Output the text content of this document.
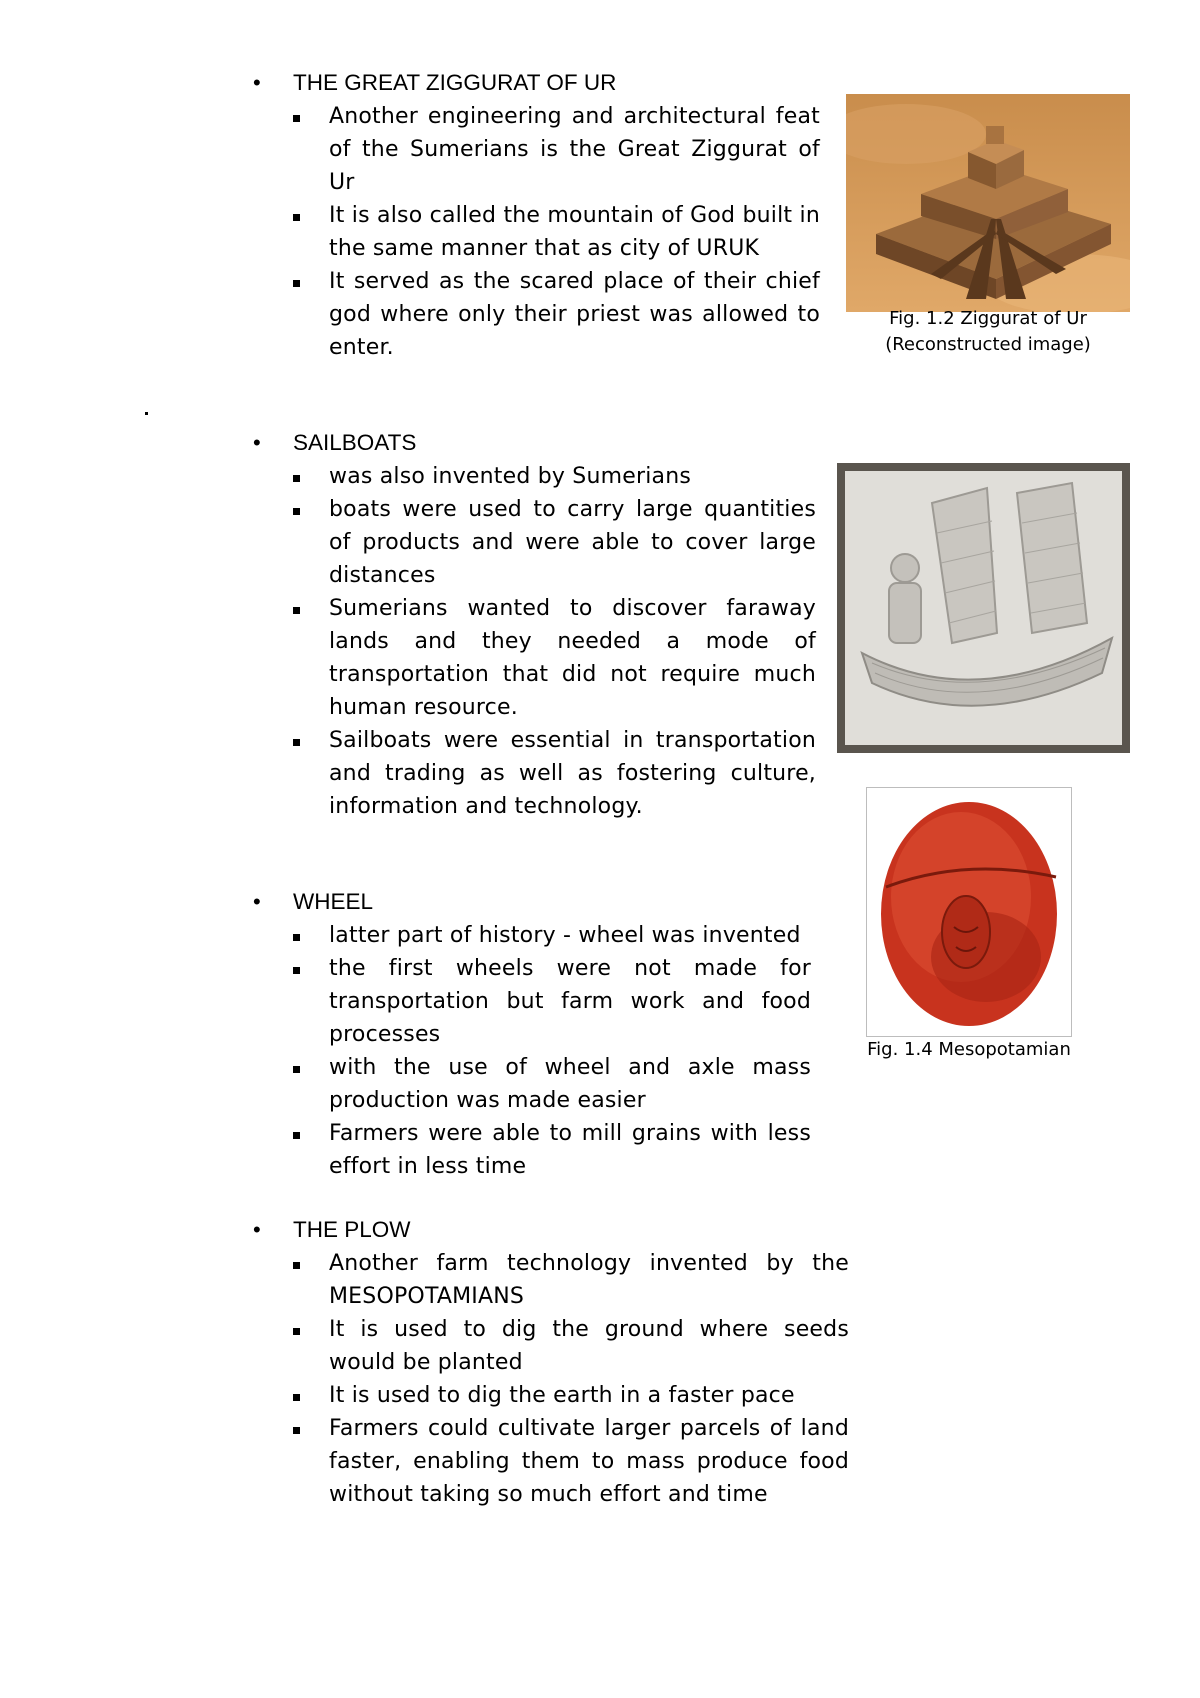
• THE GREAT ZIGGURAT OF UR
Another engineering and architectural feat of the Sumerians is the Great Ziggurat of Ur
It is also called the mountain of God built in the same manner that as city of URUK
It served as the scared place of their chief god where only their priest was allowed to enter.
• SAILBOATS
was also invented by Sumerians
boats were used to carry large quantities of products and were able to cover large distances
Sumerians wanted to discover faraway lands and they needed a mode of transportation that did not require much human resource.
Sailboats were essential in transportation and trading as well as fostering culture, information and technology.
• WHEEL
latter part of history - wheel was invented
the first wheels were not made for transportation but farm work and food processes
with the use of wheel and axle mass production was made easier
Farmers were able to mill grains with less effort in less time
• THE PLOW
Another farm technology invented by the MESOPOTAMIANS
It is used to dig the ground where seeds would be planted
It is used to dig the earth in a faster pace
Farmers could cultivate larger parcels of land faster, enabling them to mass produce food without taking so much effort and time
Fig. 1.2 Ziggurat of Ur
(Reconstructed image)
Fig. 1.4 Mesopotamian
